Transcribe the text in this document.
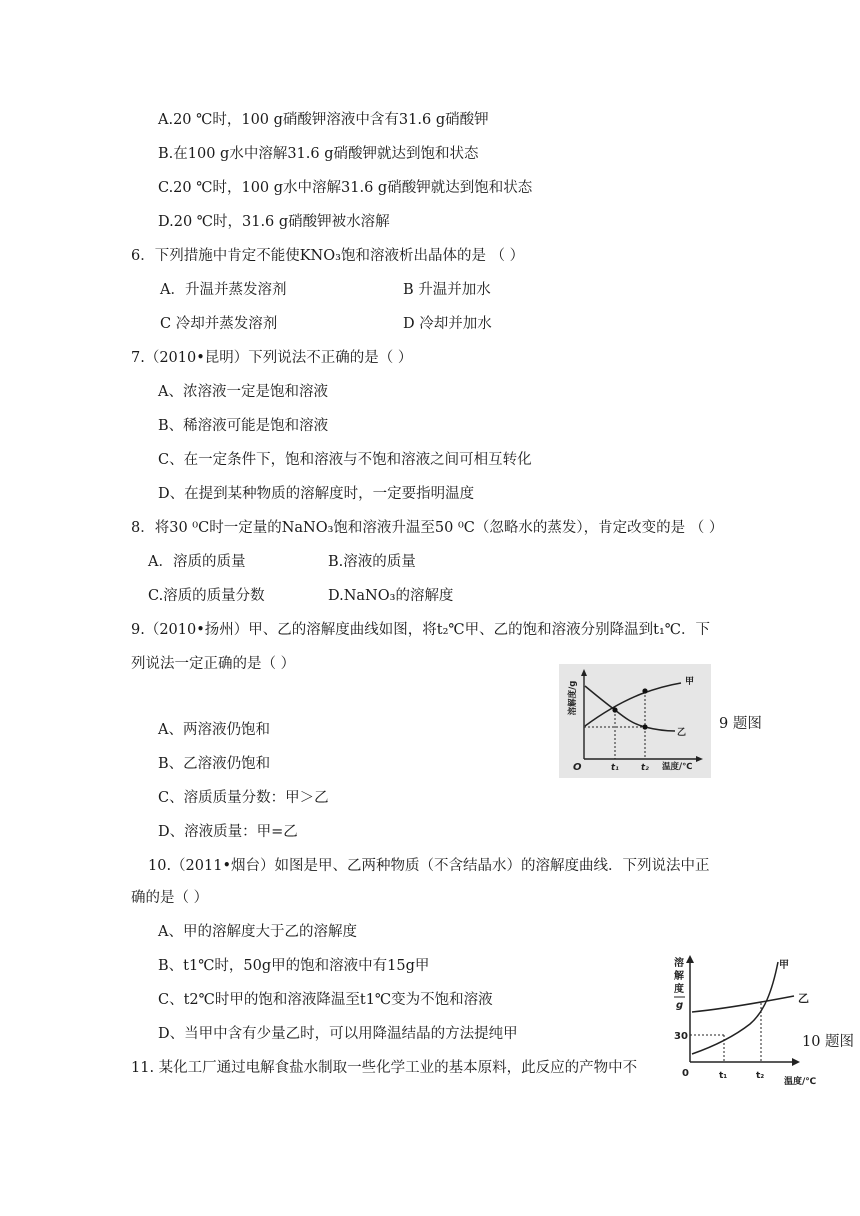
A.20 ℃时，100 g硝酸钾溶液中含有31.6 g硝酸钾
B.在100 g水中溶解31.6 g硝酸钾就达到饱和状态
C.20 ℃时，100 g水中溶解31.6 g硝酸钾就达到饱和状态
D.20 ℃时，31.6 g硝酸钾被水溶解
6．下列措施中肯定不能使KNO₃饱和溶液析出晶体的是 （ ）
A．升温并蒸发溶剂	B 升温并加水
C 冷却并蒸发溶剂	D 冷却并加水
7.（2010•昆明）下列说法不正确的是（ ）
A、浓溶液一定是饱和溶液
B、稀溶液可能是饱和溶液
C、在一定条件下，饱和溶液与不饱和溶液之间可相互转化
D、在提到某种物质的溶解度时，一定要指明温度
8．将30 ⁰C时一定量的NaNO₃饱和溶液升温至50 ⁰C（忽略水的蒸发），肯定改变的是 （ ）
A．溶质的质量	B.溶液的质量
C.溶质的质量分数	D.NaNO₃的溶解度
9.（2010•扬州）甲、乙的溶解度曲线如图，将t₂℃甲、乙的饱和溶液分别降温到t₁℃．下
列说法一定正确的是（ ）
A、两溶液仍饱和
B、乙溶液仍饱和
C、溶质质量分数：甲＞乙
D、溶液质量：甲=乙
溶解度/g	甲
乙
O	t₁	t₂ 温度/℃
9 题图
10.（2011•烟台）如图是甲、乙两种物质（不含结晶水）的溶解度曲线．下列说法中正
确的是（ ）
A、甲的溶解度大于乙的溶解度
B、t1℃时，50g甲的饱和溶液中有15g甲
C、t2℃时甲的饱和溶液降温至t1℃变为不饱和溶液
D、当甲中含有少量乙时，可以用降温结晶的方法提纯甲
溶
解
度
g
甲
乙
30
0	t₁	t₂
温度/℃
10 题图
11. 某化工厂通过电解食盐水制取一些化学工业的基本原料，此反应的产物中不
